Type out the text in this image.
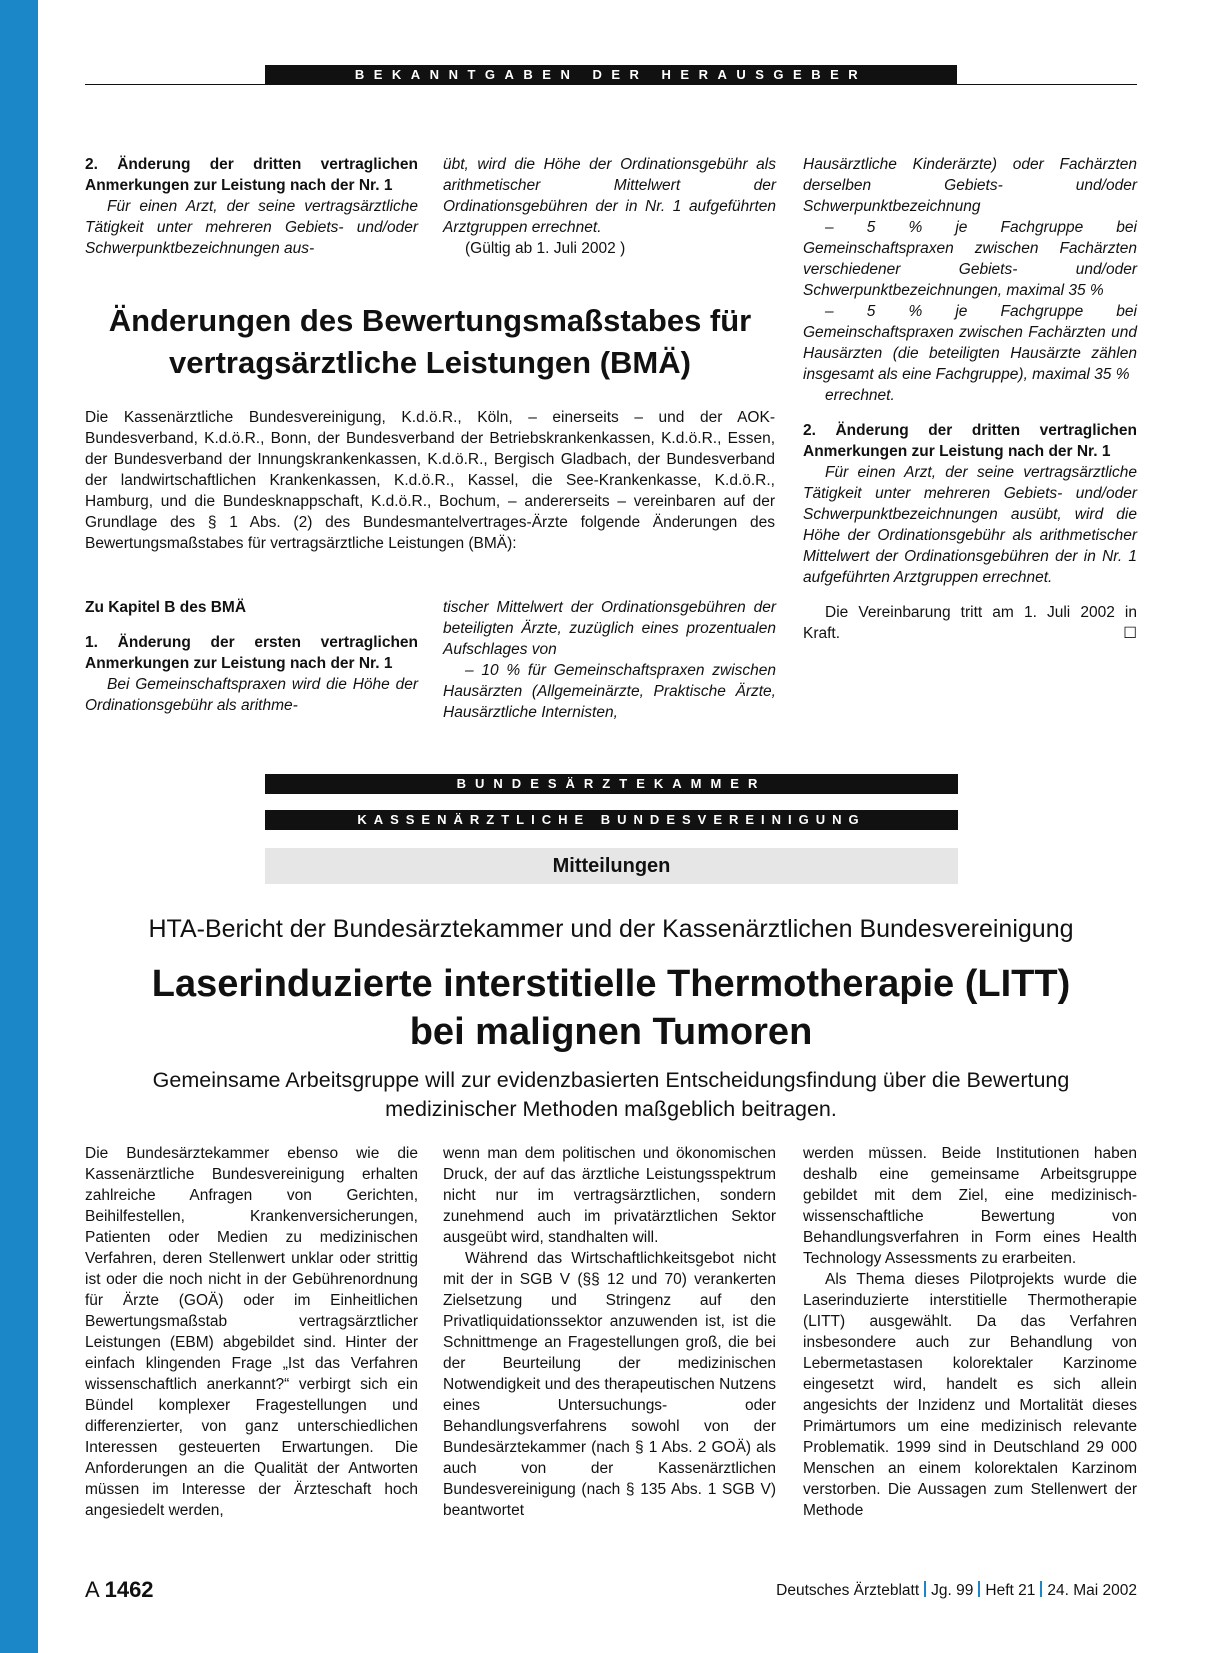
BEKANNTGABEN DER HERAUSGEBER

2. Änderung der dritten vertraglichen Anmerkungen zur Leistung nach der Nr. 1

Für einen Arzt, der seine vertragsärztliche Tätigkeit unter mehreren Gebiets- und/oder Schwerpunktbezeichnungen aus-

übt, wird die Höhe der Ordinationsgebühr als arithmetischer Mittelwert der Ordinationsgebühren der in Nr. 1 aufgeführten Arztgruppen errechnet.

(Gültig ab 1. Juli 2002 )

Änderungen des Bewertungsmaßstabes für
vertragsärztliche Leistungen (BMÄ)

Die Kassenärztliche Bundesvereinigung, K.d.ö.R., Köln, – einerseits – und der AOK-Bundesverband, K.d.ö.R., Bonn, der Bundesverband der Betriebskrankenkassen, K.d.ö.R., Essen, der Bundesverband der Innungskrankenkassen, K.d.ö.R., Bergisch Gladbach, der Bundesverband der landwirtschaftlichen Krankenkassen, K.d.ö.R., Kassel, die See-Krankenkasse, K.d.ö.R., Hamburg, und die Bundesknappschaft, K.d.ö.R., Bochum, – andererseits – vereinbaren auf der Grundlage des § 1 Abs. (2) des Bundesmantelvertrages-Ärzte folgende Änderungen des Bewertungsmaßstabes für vertragsärztliche Leistungen (BMÄ):

Zu Kapitel B des BMÄ

1. Änderung der ersten vertraglichen Anmerkungen zur Leistung nach der Nr. 1

Bei Gemeinschaftspraxen wird die Höhe der Ordinationsgebühr als arithme-

tischer Mittelwert der Ordinationsgebühren der beteiligten Ärzte, zuzüglich eines prozentualen Aufschlages von

– 10 % für Gemeinschaftspraxen zwischen Hausärzten (Allgemeinärzte, Praktische Ärzte, Hausärztliche Internisten,

Hausärztliche Kinderärzte) oder Fachärzten derselben Gebiets- und/oder Schwerpunktbezeichnung

– 5 % je Fachgruppe bei Gemeinschaftspraxen zwischen Fachärzten verschiedener Gebiets- und/oder Schwerpunktbezeichnungen, maximal 35 %

– 5 % je Fachgruppe bei Gemeinschaftspraxen zwischen Fachärzten und Hausärzten (die beteiligten Hausärzte zählen insgesamt als eine Fachgruppe), maximal 35 %

errechnet.

2. Änderung der dritten vertraglichen Anmerkungen zur Leistung nach der Nr. 1

Für einen Arzt, der seine vertragsärztliche Tätigkeit unter mehreren Gebiets- und/oder Schwerpunktbezeichnungen ausübt, wird die Höhe der Ordinationsgebühr als arithmetischer Mittelwert der Ordinationsgebühren der in Nr. 1 aufgeführten Arztgruppen errechnet.

Die Vereinbarung tritt am 1. Juli 2002 in Kraft.	☐

BUNDESÄRZTEKAMMER
KASSENÄRZTLICHE BUNDESVEREINIGUNG
Mitteilungen
HTA-Bericht der Bundesärztekammer und der Kassenärztlichen Bundesvereinigung
Laserinduzierte interstitielle Thermotherapie (LITT)
bei malignen Tumoren
Gemeinsame Arbeitsgruppe will zur evidenzbasierten Entscheidungsfindung über die Bewertung
medizinischer Methoden maßgeblich beitragen.

Die Bundesärztekammer ebenso wie die Kassenärztliche Bundesvereinigung erhalten zahlreiche Anfragen von Gerichten, Beihilfestellen, Krankenversicherungen, Patienten oder Medien zu medizinischen Verfahren, deren Stellenwert unklar oder strittig ist oder die noch nicht in der Gebührenordnung für Ärzte (GOÄ) oder im Einheitlichen Bewertungsmaßstab vertragsärztlicher Leistungen (EBM) abgebildet sind. Hinter der einfach klingenden Frage „Ist das Verfahren wissenschaftlich anerkannt?“ verbirgt sich ein Bündel komplexer Fragestellungen und differenzierter, von ganz unterschiedlichen Interessen gesteuerten Erwartungen. Die Anforderungen an die Qualität der Antworten müssen im Interesse der Ärzteschaft hoch angesiedelt werden,

wenn man dem politischen und ökonomischen Druck, der auf das ärztliche Leistungsspektrum nicht nur im vertragsärztlichen, sondern zunehmend auch im privatärztlichen Sektor ausgeübt wird, standhalten will.

Während das Wirtschaftlichkeitsgebot nicht mit der in SGB V (§§ 12 und 70) verankerten Zielsetzung und Stringenz auf den Privatliquidationssektor anzuwenden ist, ist die Schnittmenge an Fragestellungen groß, die bei der Beurteilung der medizinischen Notwendigkeit und des therapeutischen Nutzens eines Untersuchungs- oder Behandlungsverfahrens sowohl von der Bundesärztekammer (nach § 1 Abs. 2 GOÄ) als auch von der Kassenärztlichen Bundesvereinigung (nach § 135 Abs. 1 SGB V) beantwortet

werden müssen. Beide Institutionen haben deshalb eine gemeinsame Arbeitsgruppe gebildet mit dem Ziel, eine medizinisch-wissenschaftliche Bewertung von Behandlungsverfahren in Form eines Health Technology Assessments zu erarbeiten.

Als Thema dieses Pilotprojekts wurde die Laserinduzierte interstitielle Thermotherapie (LITT) ausgewählt. Da das Verfahren insbesondere auch zur Behandlung von Lebermetastasen kolorektaler Karzinome eingesetzt wird, handelt es sich allein angesichts der Inzidenz und Mortalität dieses Primärtumors um eine medizinisch relevante Problematik. 1999 sind in Deutschland 29 000 Menschen an einem kolorektalen Karzinom verstorben. Die Aussagen zum Stellenwert der Methode

A 1462	Deutsches Ärzteblatt Jg. 99 Heft 21 24. Mai 2002
